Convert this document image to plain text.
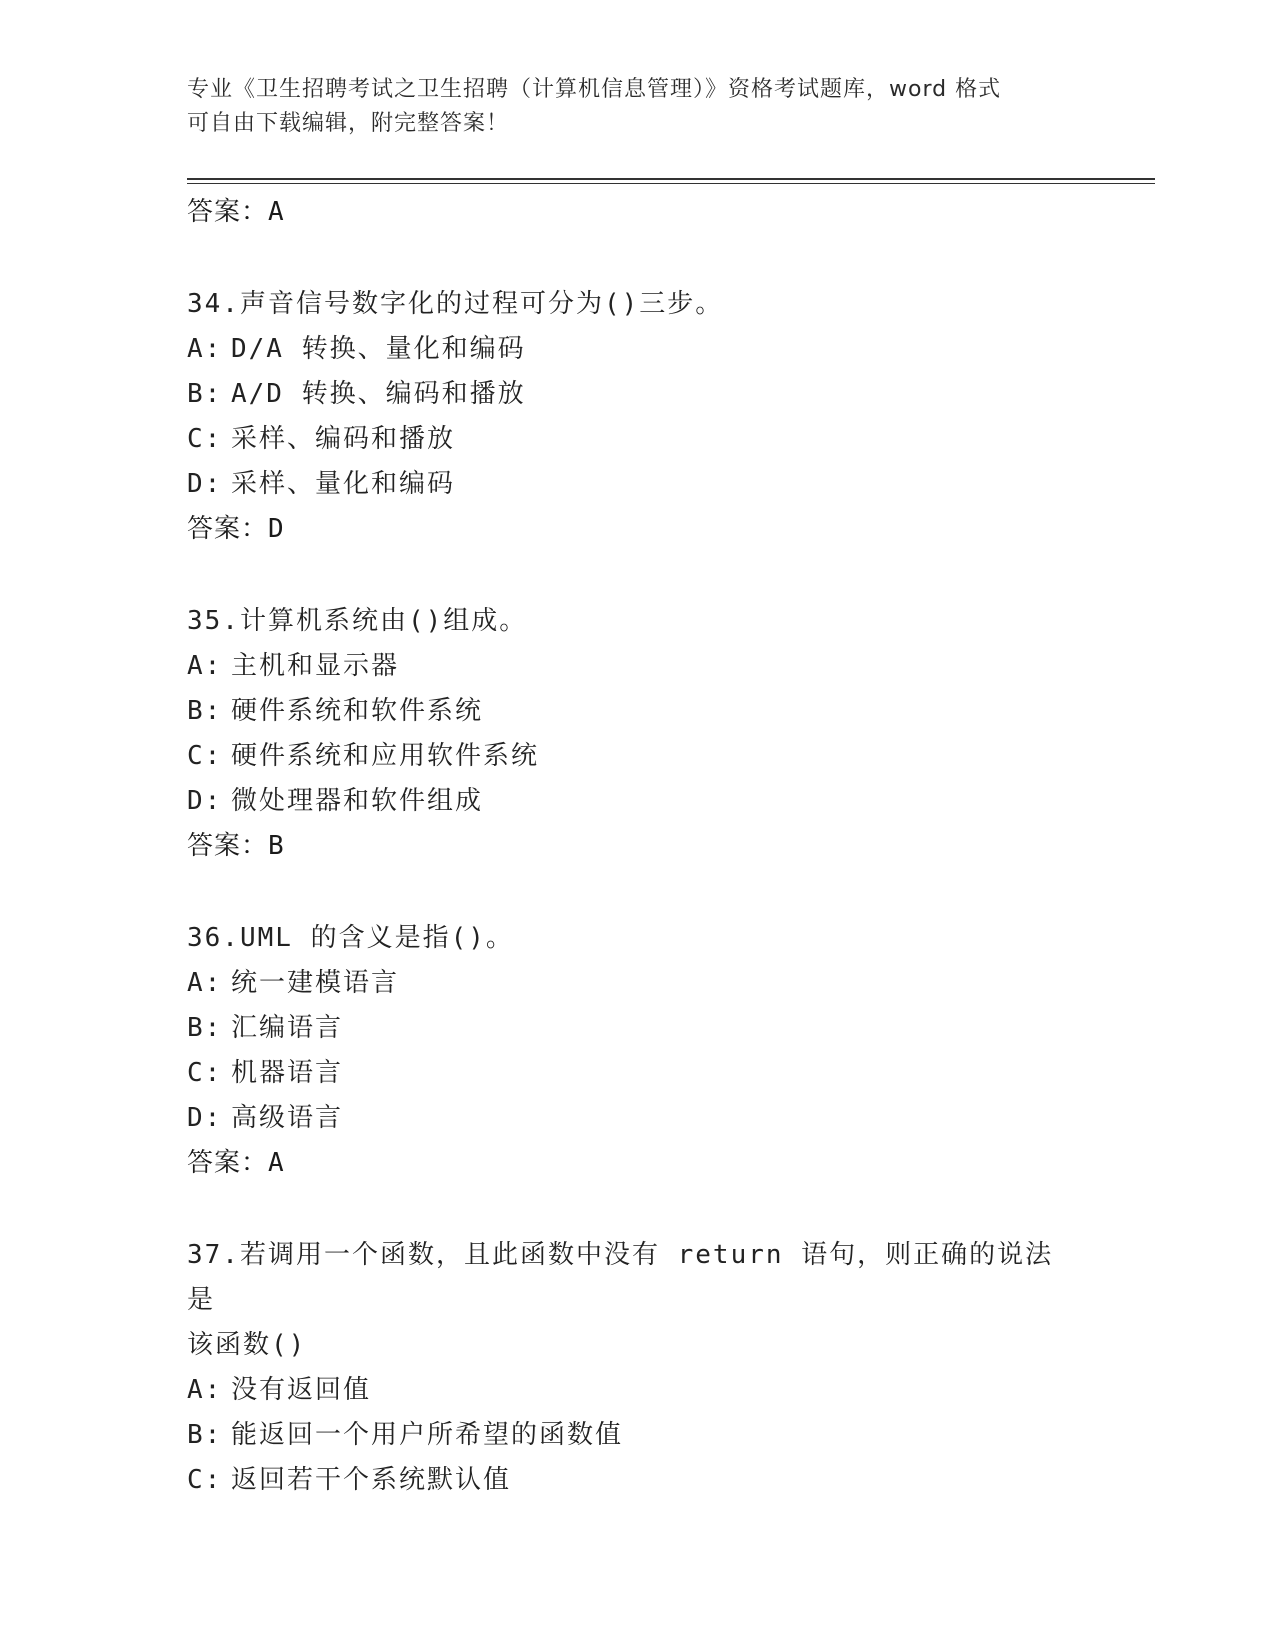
专业《卫生招聘考试之卫生招聘（计算机信息管理）》资格考试题库，word 格式
可自由下载编辑，附完整答案！
答案：A
34.声音信号数字化的过程可分为()三步。
A: D/A 转换、量化和编码
B: A/D 转换、编码和播放
C: 采样、编码和播放
D: 采样、量化和编码
答案：D
35.计算机系统由()组成。
A: 主机和显示器
B: 硬件系统和软件系统
C: 硬件系统和应用软件系统
D: 微处理器和软件组成
答案：B
36.UML 的含义是指()。
A: 统一建模语言
B: 汇编语言
C: 机器语言
D: 高级语言
答案：A
37.若调用一个函数，且此函数中没有 return 语句，则正确的说法是
该函数()
A: 没有返回值
B: 能返回一个用户所希望的函数值
C: 返回若干个系统默认值
